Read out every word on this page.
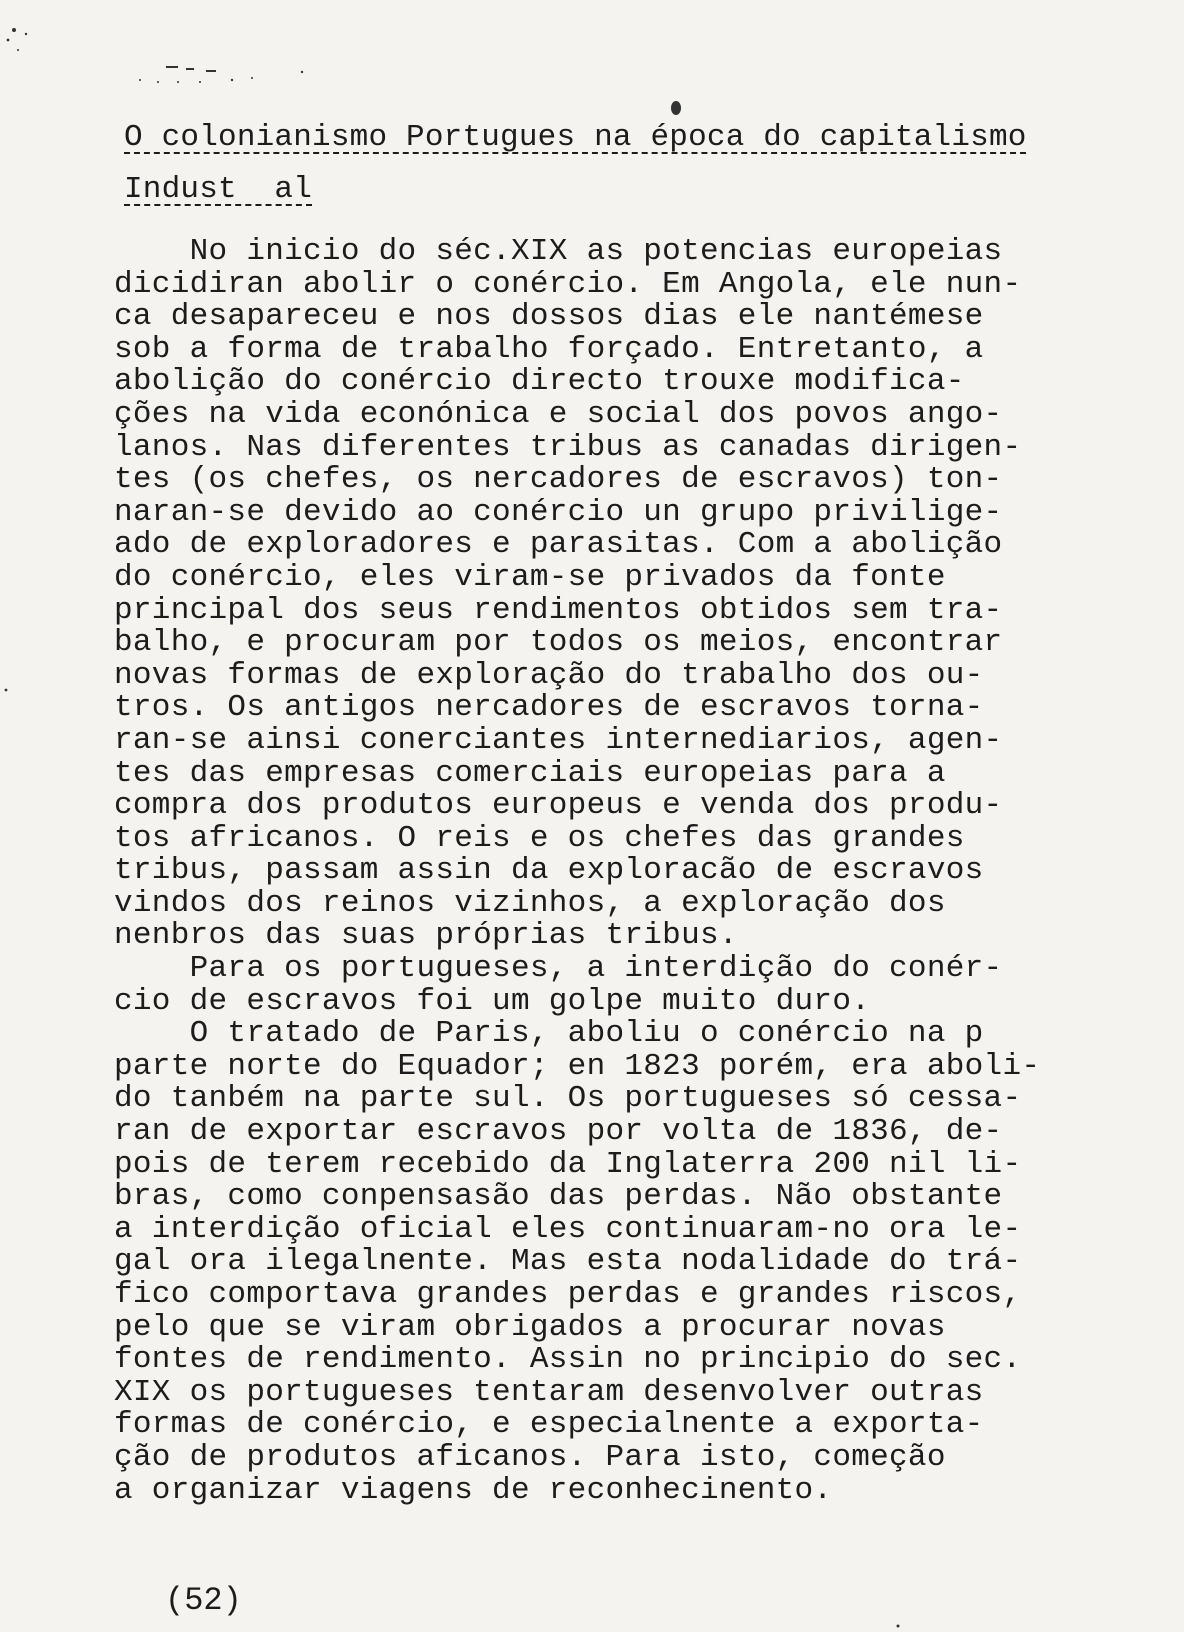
O colonianismo Portugues na época do capitalismo
Indust  al
No inicio do séc.XIX as potencias europeias
dicidiran abolir o conércio. Em Angola, ele nun-
ca desapareceu e nos dossos dias ele nantémese
sob a forma de trabalho forçado. Entretanto, a
abolição do conércio directo trouxe modifica-
ções na vida econónica e social dos povos ango-
lanos. Nas diferentes tribus as canadas dirigen-
tes (os chefes, os nercadores de escravos) ton-
naran-se devido ao conércio un grupo privilige-
ado de exploradores e parasitas. Com a abolição
do conércio, eles viram-se privados da fonte
principal dos seus rendimentos obtidos sem tra-
balho, e procuram por todos os meios, encontrar
novas formas de exploração do trabalho dos ou-
tros. Os antigos nercadores de escravos torna-
ran-se ainsi conerciantes internediarios, agen-
tes das empresas comerciais europeias para a
compra dos produtos europeus e venda dos produ-
tos africanos. O reis e os chefes das grandes
tribus, passam assin da exploracão de escravos
vindos dos reinos vizinhos, a exploração dos
nenbros das suas próprias tribus.
Para os portugueses, a interdição do conér-
cio de escravos foi um golpe muito duro.
O tratado de Paris, aboliu o conércio na p
parte norte do Equador; en 1823 porém, era aboli-
do tanbém na parte sul. Os portugueses só cessa-
ran de exportar escravos por volta de 1836, de-
pois de terem recebido da Inglaterra 200 nil li-
bras, como conpensasão das perdas. Não obstante
a interdição oficial eles continuaram-no ora le-
gal ora ilegalnente. Mas esta nodalidade do trá-
fico comportava grandes perdas e grandes riscos,
pelo que se viram obrigados a procurar novas
fontes de rendimento. Assin no principio do sec.
XIX os portugueses tentaram desenvolver outras
formas de conércio, e especialnente a exporta-
ção de produtos aficanos. Para isto, começão
a organizar viagens de reconhecinento.
(52)
